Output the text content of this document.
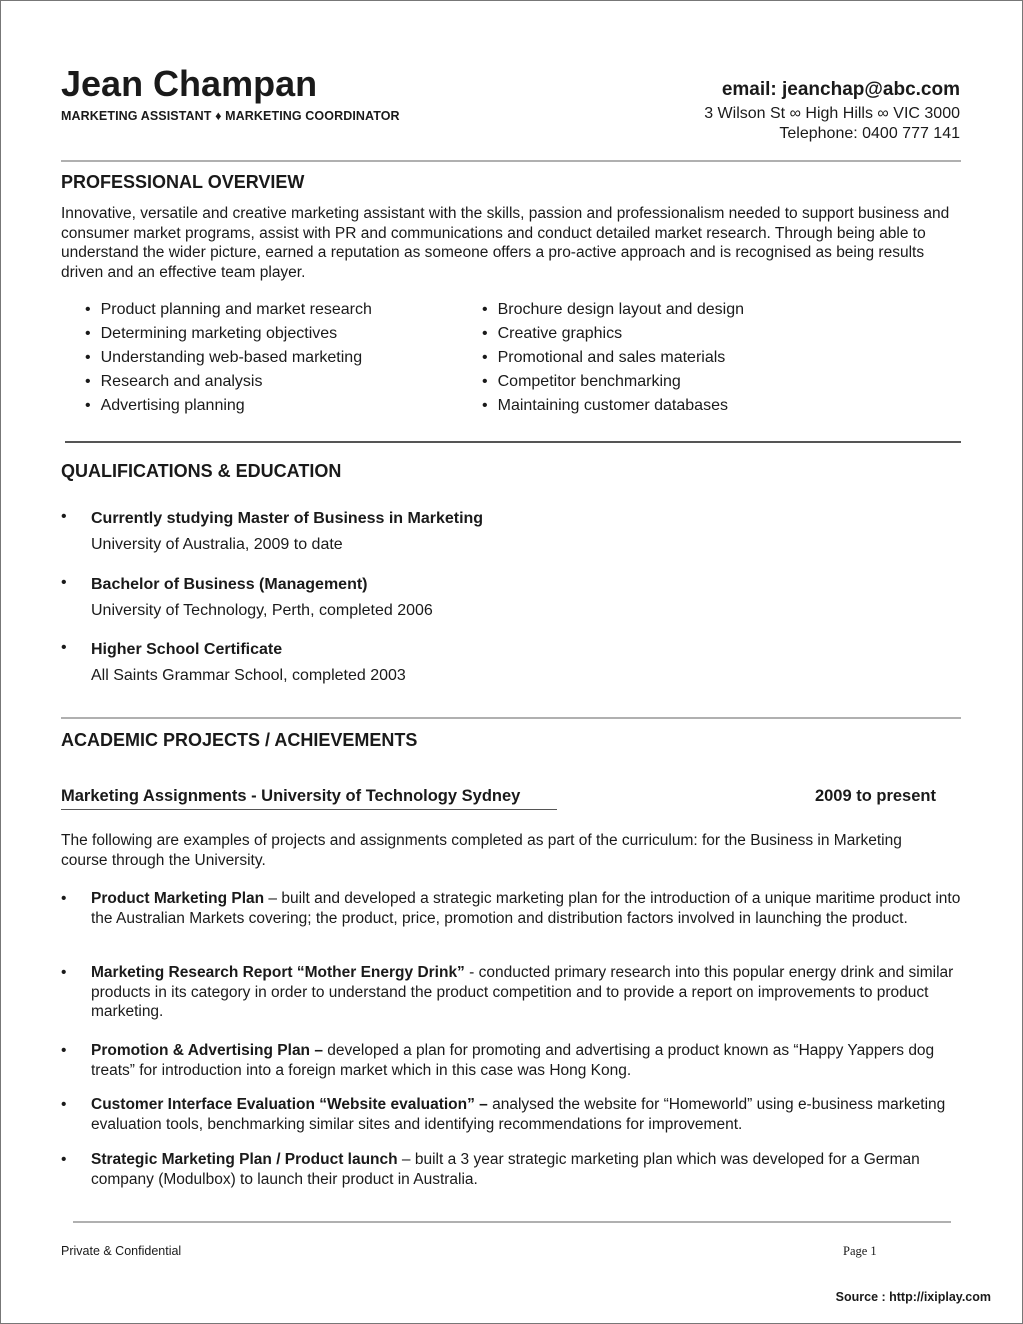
Jean Champan
MARKETING ASSISTANT ♦ MARKETING COORDINATOR
email: jeanchap@abc.com
3 Wilson St ∞ High Hills ∞ VIC 3000
Telephone: 0400 777 141
PROFESSIONAL OVERVIEW
Innovative, versatile and creative marketing assistant with the skills, passion and professionalism needed to support business and consumer market programs, assist with PR and communications and conduct detailed market research. Through being able to understand the wider picture, earned a reputation as someone offers a pro-active approach and is recognised as being results driven and an effective team player.
• Product planning and market research
• Determining marketing objectives
• Understanding web-based marketing
• Research and analysis
• Advertising planning
• Brochure design layout and design
• Creative graphics
• Promotional and sales materials
• Competitor benchmarking
• Maintaining customer databases
QUALIFICATIONS & EDUCATION
• Currently studying Master of Business in Marketing
University of Australia, 2009 to date
• Bachelor of Business (Management)
University of Technology, Perth, completed 2006
• Higher School Certificate
All Saints Grammar School, completed 2003
ACADEMIC PROJECTS / ACHIEVEMENTS
Marketing Assignments - University of Technology Sydney	2009 to present
The following are examples of projects and assignments completed as part of the curriculum: for the Business in Marketing course through the University.
• Product Marketing Plan – built and developed a strategic marketing plan for the introduction of a unique maritime product into the Australian Markets covering; the product, price, promotion and distribution factors involved in launching the product.
• Marketing Research Report “Mother Energy Drink” - conducted primary research into this popular energy drink and similar products in its category in order to understand the product competition and to provide a report on improvements to product marketing.
• Promotion & Advertising Plan – developed a plan for promoting and advertising a product known as “Happy Yappers dog treats” for introduction into a foreign market which in this case was Hong Kong.
• Customer Interface Evaluation “Website evaluation” – analysed the website for “Homeworld” using e-business marketing evaluation tools, benchmarking similar sites and identifying recommendations for improvement.
• Strategic Marketing Plan / Product launch – built a 3 year strategic marketing plan which was developed for a German company (Modulbox) to launch their product in Australia.
Private & Confidential	Page 1
Source : http://ixiplay.com
